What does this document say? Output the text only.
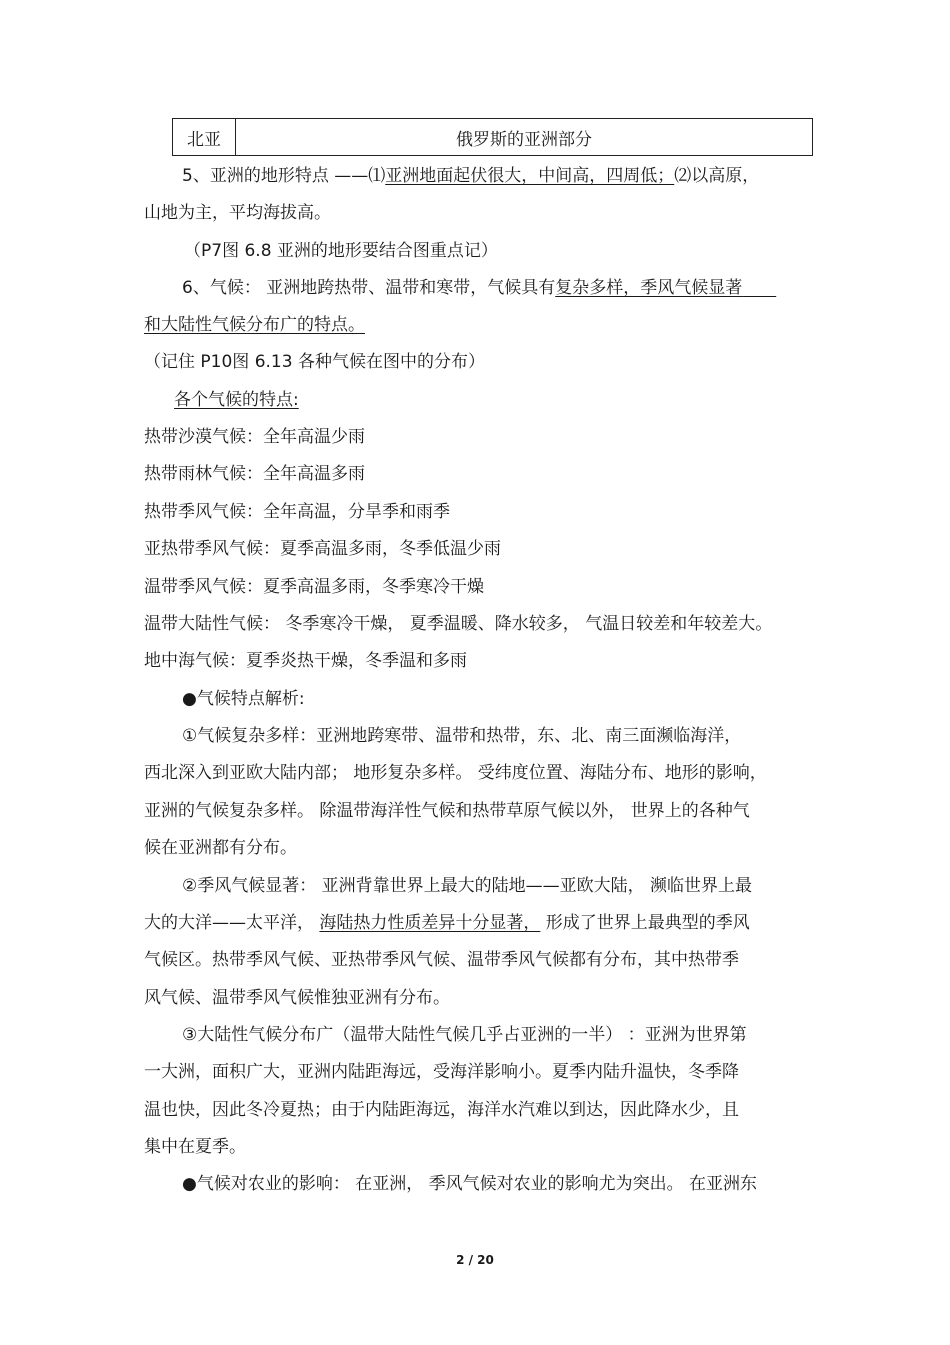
北亚	俄罗斯的亚洲部分
5、亚洲的地形特点 ——⑴亚洲地面起伏很大，中间高，四周低；⑵以高原，
山地为主，平均海拔高。
（P7图 6.8 亚洲的地形要结合图重点记）
6、气候： 亚洲地跨热带、温带和寒带，气候具有复杂多样，季风气候显著  
和大陆性气候分布广的特点。
（记住 P10图 6.13 各种气候在图中的分布）
各个气候的特点:
热带沙漠气候：全年高温少雨
热带雨林气候：全年高温多雨
热带季风气候：全年高温，分旱季和雨季
亚热带季风气候：夏季高温多雨，冬季低温少雨
温带季风气候：夏季高温多雨，冬季寒冷干燥
温带大陆性气候： 冬季寒冷干燥， 夏季温暖、降水较多， 气温日较差和年较差大。
地中海气候：夏季炎热干燥，冬季温和多雨
●气候特点解析:
①气候复杂多样：亚洲地跨寒带、温带和热带，东、北、南三面濒临海洋，
西北深入到亚欧大陆内部； 地形复杂多样。 受纬度位置、海陆分布、地形的影响，
亚洲的气候复杂多样。 除温带海洋性气候和热带草原气候以外， 世界上的各种气
候在亚洲都有分布。
②季风气候显著： 亚洲背靠世界上最大的陆地——亚欧大陆， 濒临世界上最
大的大洋——太平洋， 海陆热力性质差异十分显著， 形成了世界上最典型的季风
气候区。热带季风气候、亚热带季风气候、温带季风气候都有分布，其中热带季
风气候、温带季风气候惟独亚洲有分布。
③大陆性气候分布广（温带大陆性气候几乎占亚洲的一半） ：亚洲为世界第
一大洲，面积广大，亚洲内陆距海远，受海洋影响小。夏季内陆升温快，冬季降
温也快，因此冬冷夏热；由于内陆距海远，海洋水汽难以到达，因此降水少，且
集中在夏季。
●气候对农业的影响： 在亚洲， 季风气候对农业的影响尤为突出。 在亚洲东
2 / 20
